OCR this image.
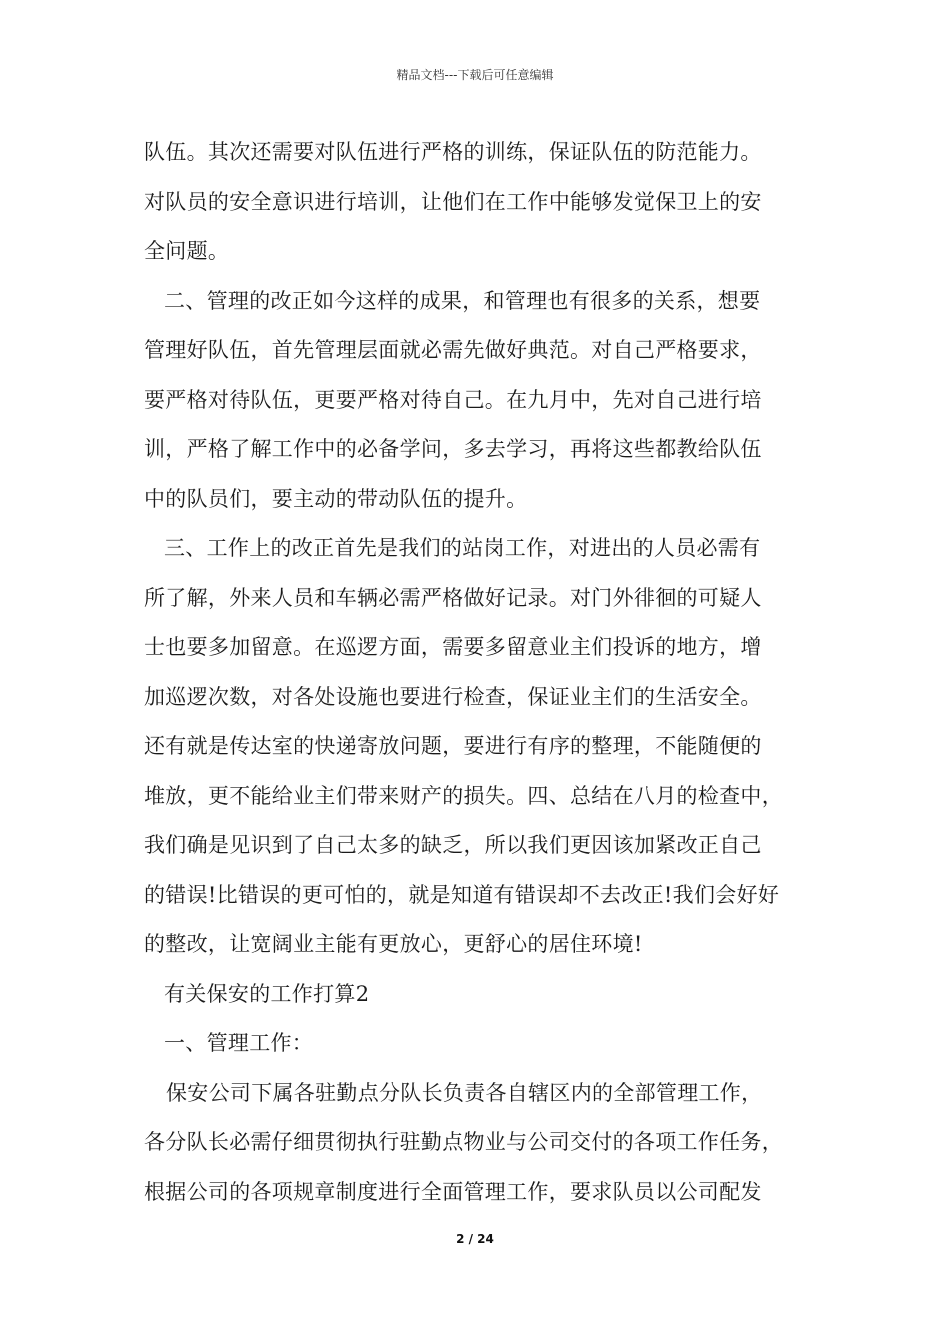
精品文档---下载后可任意编辑
队伍。其次还需要对队伍进行严格的训练，保证队伍的防范能力。
对队员的安全意识进行培训，让他们在工作中能够发觉保卫上的安
全问题。
二、管理的改正如今这样的成果，和管理也有很多的关系，想要
管理好队伍，首先管理层面就必需先做好典范。对自己严格要求，
要严格对待队伍，更要严格对待自己。在九月中，先对自己进行培
训，严格了解工作中的必备学问，多去学习，再将这些都教给队伍
中的队员们，要主动的带动队伍的提升。
三、工作上的改正首先是我们的站岗工作，对进出的人员必需有
所了解，外来人员和车辆必需严格做好记录。对门外徘徊的可疑人
士也要多加留意。在巡逻方面，需要多留意业主们投诉的地方，增
加巡逻次数，对各处设施也要进行检查，保证业主们的生活安全。
还有就是传达室的快递寄放问题，要进行有序的整理，不能随便的
堆放，更不能给业主们带来财产的损失。四、总结在八月的检查中，
我们确是见识到了自己太多的缺乏，所以我们更因该加紧改正自己
的错误!比错误的更可怕的，就是知道有错误却不去改正!我们会好好
的整改，让宽阔业主能有更放心，更舒心的居住环境!
有关保安的工作打算2
一、管理工作：
保安公司下属各驻勤点分队长负责各自辖区内的全部管理工作，
各分队长必需仔细贯彻执行驻勤点物业与公司交付的各项工作任务，
根据公司的各项规章制度进行全面管理工作，要求队员以公司配发
2 / 24
